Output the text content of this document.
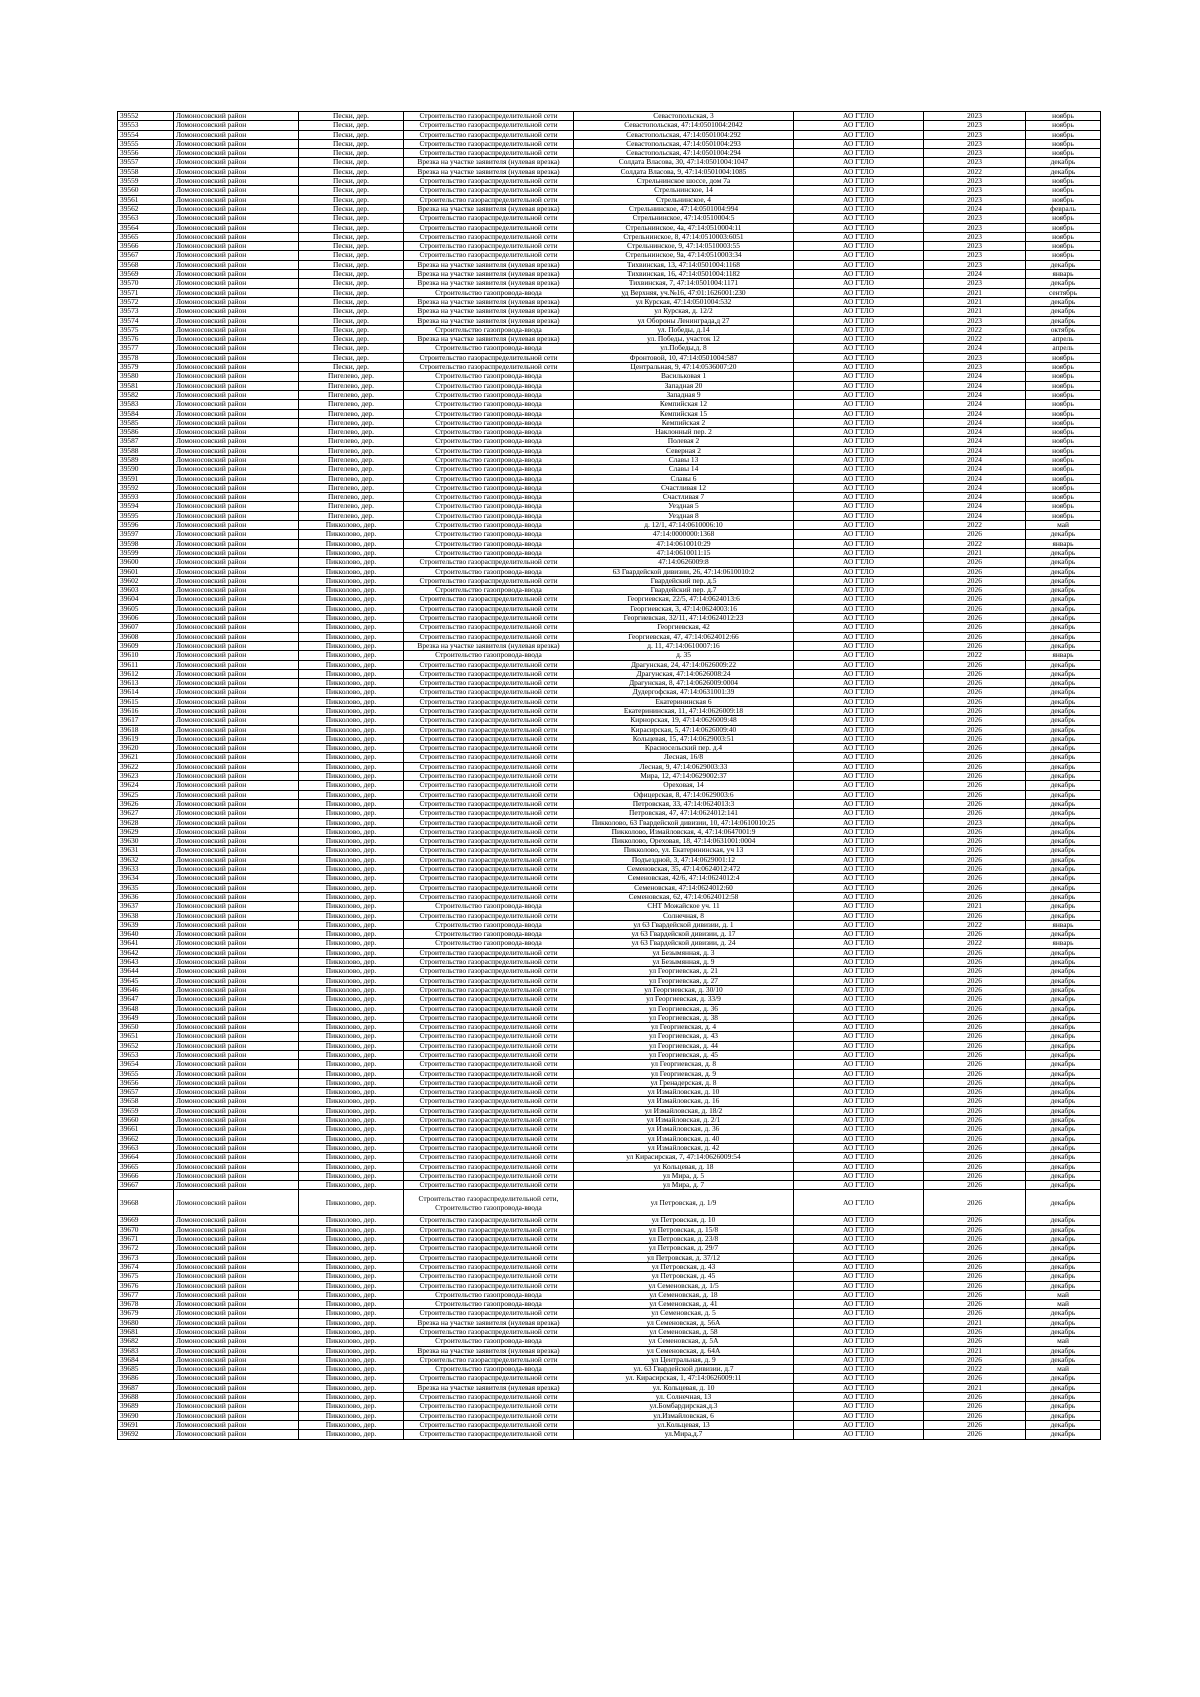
39552	Ломоносовский район	Пески, дер.	Строительство газораспределительной сети	Севастопольская, 3	АО ГТЛО	2023	ноябрь
39553	Ломоносовский район	Пески, дер.	Строительство газораспределительной сети	Севастопольская, 47:14:0501004:2042	АО ГТЛО	2023	ноябрь
39554	Ломоносовский район	Пески, дер.	Строительство газораспределительной сети	Севастопольская, 47:14:0501004:292	АО ГТЛО	2023	ноябрь
39555	Ломоносовский район	Пески, дер.	Строительство газораспределительной сети	Севастопольская, 47:14:0501004:293	АО ГТЛО	2023	ноябрь
39556	Ломоносовский район	Пески, дер.	Строительство газораспределительной сети	Севастопольская, 47:14:0501004:294	АО ГТЛО	2023	ноябрь
39557	Ломоносовский район	Пески, дер.	Врезка на участке заявителя (нулевая врезка)	Солдата Власова, 30, 47:14:0501004:1047	АО ГТЛО	2023	декабрь
39558	Ломоносовский район	Пески, дер.	Врезка на участке заявителя (нулевая врезка)	Солдата Власова, 9, 47:14:0501004:1085	АО ГТЛО	2022	декабрь
39559	Ломоносовский район	Пески, дер.	Строительство газораспределительной сети	Стрельнинское шоссе, дом 7а	АО ГТЛО	2023	ноябрь
39560	Ломоносовский район	Пески, дер.	Строительство газораспределительной сети	Стрельнинское, 14	АО ГТЛО	2023	ноябрь
39561	Ломоносовский район	Пески, дер.	Строительство газораспределительной сети	Стрельнинское, 4	АО ГТЛО	2023	ноябрь
39562	Ломоносовский район	Пески, дер.	Врезка на участке заявителя (нулевая врезка)	Стрельнинское, 47:14:0501004:994	АО ГТЛО	2024	февраль
39563	Ломоносовский район	Пески, дер.	Строительство газораспределительной сети	Стрельнинское, 47:14:0510004:5	АО ГТЛО	2023	ноябрь
39564	Ломоносовский район	Пески, дер.	Строительство газораспределительной сети	Стрельнинское, 4а, 47:14:0510004:11	АО ГТЛО	2023	ноябрь
39565	Ломоносовский район	Пески, дер.	Строительство газораспределительной сети	Стрельнинское, 8, 47:14:0510003:6051	АО ГТЛО	2023	ноябрь
39566	Ломоносовский район	Пески, дер.	Строительство газораспределительной сети	Стрельнинское, 9, 47:14:0510003:55	АО ГТЛО	2023	ноябрь
39567	Ломоносовский район	Пески, дер.	Строительство газораспределительной сети	Стрельнинское, 9а, 47:14:0510003:34	АО ГТЛО	2023	ноябрь
39568	Ломоносовский район	Пески, дер.	Врезка на участке заявителя (нулевая врезка)	Тихвинская, 13, 47:14:0501004:1168	АО ГТЛО	2023	декабрь
39569	Ломоносовский район	Пески, дер.	Врезка на участке заявителя (нулевая врезка)	Тихвинская, 16, 47:14:0501004:1182	АО ГТЛО	2024	январь
39570	Ломоносовский район	Пески, дер.	Врезка на участке заявителя (нулевая врезка)	Тихвинская, 7, 47:14:0501004:1171	АО ГТЛО	2023	декабрь
39571	Ломоносовский район	Пески, дер.	Строительство газопровода-ввода	уд Верхняя, уч.№16, 47:01:1626001:230	АО ГТЛО	2021	сентябрь
39572	Ломоносовский район	Пески, дер.	Врезка на участке заявителя (нулевая врезка)	ул Курская, 47:14:0501004:532	АО ГТЛО	2021	декабрь
39573	Ломоносовский район	Пески, дер.	Врезка на участке заявителя (нулевая врезка)	ул Курская, д. 12/2	АО ГТЛО	2021	декабрь
39574	Ломоносовский район	Пески, дер.	Врезка на участке заявителя (нулевая врезка)	ул Обороны Ленинграда,д 27	АО ГТЛО	2023	декабрь
39575	Ломоносовский район	Пески, дер.	Строительство газопровода-ввода	ул. Победы, д.14	АО ГТЛО	2022	октябрь
39576	Ломоносовский район	Пески, дер.	Врезка на участке заявителя (нулевая врезка)	ул. Победы, участок 12	АО ГТЛО	2022	апрель
39577	Ломоносовский район	Пески, дер.	Строительство газопровода-ввода	ул.Победы,д. 8	АО ГТЛО	2024	апрель
39578	Ломоносовский район	Пески, дер.	Строительство газораспределительной сети	Фронтовой, 10, 47:14:0501004:587	АО ГТЛО	2023	ноябрь
39579	Ломоносовский район	Пески, дер.	Строительство газораспределительной сети	Центральная, 9, 47:14:0536007:20	АО ГТЛО	2023	ноябрь
39580	Ломоносовский район	Пигелево, дер.	Строительство газопровода-ввода	Васильковая 1	АО ГТЛО	2024	ноябрь
39581	Ломоносовский район	Пигелево, дер.	Строительство газопровода-ввода	Западная 20	АО ГТЛО	2024	ноябрь
39582	Ломоносовский район	Пигелево, дер.	Строительство газопровода-ввода	Западная 9	АО ГТЛО	2024	ноябрь
39583	Ломоносовский район	Пигелево, дер.	Строительство газопровода-ввода	Кемпийская 12	АО ГТЛО	2024	ноябрь
39584	Ломоносовский район	Пигелево, дер.	Строительство газопровода-ввода	Кемпийская 15	АО ГТЛО	2024	ноябрь
39585	Ломоносовский район	Пигелево, дер.	Строительство газопровода-ввода	Кемпийская 2	АО ГТЛО	2024	ноябрь
39586	Ломоносовский район	Пигелево, дер.	Строительство газопровода-ввода	Наклонный пер. 2	АО ГТЛО	2024	ноябрь
39587	Ломоносовский район	Пигелево, дер.	Строительство газопровода-ввода	Полевая 2	АО ГТЛО	2024	ноябрь
39588	Ломоносовский район	Пигелево, дер.	Строительство газопровода-ввода	Северная 2	АО ГТЛО	2024	ноябрь
39589	Ломоносовский район	Пигелево, дер.	Строительство газопровода-ввода	Славы 13	АО ГТЛО	2024	ноябрь
39590	Ломоносовский район	Пигелево, дер.	Строительство газопровода-ввода	Славы 14	АО ГТЛО	2024	ноябрь
39591	Ломоносовский район	Пигелево, дер.	Строительство газопровода-ввода	Славы 6	АО ГТЛО	2024	ноябрь
39592	Ломоносовский район	Пигелево, дер.	Строительство газопровода-ввода	Счастливая 12	АО ГТЛО	2024	ноябрь
39593	Ломоносовский район	Пигелево, дер.	Строительство газопровода-ввода	Счастливая 7	АО ГТЛО	2024	ноябрь
39594	Ломоносовский район	Пигелево, дер.	Строительство газопровода-ввода	Уездная 5	АО ГТЛО	2024	ноябрь
39595	Ломоносовский район	Пигелево, дер.	Строительство газопровода-ввода	Уездная 8	АО ГТЛО	2024	ноябрь
39596	Ломоносовский район	Пикколово, дер.	Строительство газопровода-ввода	д. 12/1, 47:14:0610006:10	АО ГТЛО	2022	май
39597	Ломоносовский район	Пикколово, дер.	Строительство газопровода-ввода	47:14:0000000:1368	АО ГТЛО	2026	декабрь
39598	Ломоносовский район	Пикколово, дер.	Строительство газопровода-ввода	47:14:0610010:29	АО ГТЛО	2022	январь
39599	Ломоносовский район	Пикколово, дер.	Строительство газопровода-ввода	47:14:0610011:15	АО ГТЛО	2021	декабрь
39600	Ломоносовский район	Пикколово, дер.	Строительство газораспределительной сети	47:14:0626009:8	АО ГТЛО	2026	декабрь
39601	Ломоносовский район	Пикколово, дер.	Строительство газопровода-ввода	63 Гвардейской дивизии, 26, 47:14:0610010:2	АО ГТЛО	2026	декабрь
39602	Ломоносовский район	Пикколово, дер.	Строительство газораспределительной сети	Гвардейский пер. д.5	АО ГТЛО	2026	декабрь
39603	Ломоносовский район	Пикколово, дер.	Строительство газопровода-ввода	Гвардейский пер. д.7	АО ГТЛО	2026	декабрь
39604	Ломоносовский район	Пикколово, дер.	Строительство газораспределительной сети	Георгиевская, 22/5, 47:14:0624013:6	АО ГТЛО	2026	декабрь
39605	Ломоносовский район	Пикколово, дер.	Строительство газораспределительной сети	Георгиевская, 3, 47:14:0624003:16	АО ГТЛО	2026	декабрь
39606	Ломоносовский район	Пикколово, дер.	Строительство газораспределительной сети	Георгиевская, 32/11, 47:14:0624012:23	АО ГТЛО	2026	декабрь
39607	Ломоносовский район	Пикколово, дер.	Строительство газораспределительной сети	Георгиевская, 42	АО ГТЛО	2026	декабрь
39608	Ломоносовский район	Пикколово, дер.	Строительство газораспределительной сети	Георгиевская, 47, 47:14:0624012:66	АО ГТЛО	2026	декабрь
39609	Ломоносовский район	Пикколово, дер.	Врезка на участке заявителя (нулевая врезка)	д. 11, 47:14:0610007:16	АО ГТЛО	2026	декабрь
39610	Ломоносовский район	Пикколово, дер.	Строительство газопровода-ввода	д. 35	АО ГТЛО	2022	январь
39611	Ломоносовский район	Пикколово, дер.	Строительство газораспределительной сети	Драгунская, 24, 47:14:0626009:22	АО ГТЛО	2026	декабрь
39612	Ломоносовский район	Пикколово, дер.	Строительство газораспределительной сети	Драгунская, 47:14:0626008:24	АО ГТЛО	2026	декабрь
39613	Ломоносовский район	Пикколово, дер.	Строительство газораспределительной сети	Драгунская, 8, 47:14:0626009:0004	АО ГТЛО	2026	декабрь
39614	Ломоносовский район	Пикколово, дер.	Строительство газораспределительной сети	Дудергофская, 47:14:0631001:39	АО ГТЛО	2026	декабрь
39615	Ломоносовский район	Пикколово, дер.	Строительство газораспределительной сети	Екатерининская 6	АО ГТЛО	2026	декабрь
39616	Ломоносовский район	Пикколово, дер.	Строительство газораспределительной сети	Екатерининская, 11, 47:14:0626009:18	АО ГТЛО	2026	декабрь
39617	Ломоносовский район	Пикколово, дер.	Строительство газораспределительной сети	Кирнорская, 19, 47:14:0626009:48	АО ГТЛО	2026	декабрь
39618	Ломоносовский район	Пикколово, дер.	Строительство газораспределительной сети	Кирасирская, 5, 47:14:0626009:40	АО ГТЛО	2026	декабрь
39619	Ломоносовский район	Пикколово, дер.	Строительство газораспределительной сети	Кольцевая, 15, 47:14:0629003:51	АО ГТЛО	2026	декабрь
39620	Ломоносовский район	Пикколово, дер.	Строительство газораспределительной сети	Красносельский пер. д.4	АО ГТЛО	2026	декабрь
39621	Ломоносовский район	Пикколово, дер.	Строительство газораспределительной сети	Лесная, 16/8	АО ГТЛО	2026	декабрь
39622	Ломоносовский район	Пикколово, дер.	Строительство газораспределительной сети	Лесная, 9, 47:14:0629003:33	АО ГТЛО	2026	декабрь
39623	Ломоносовский район	Пикколово, дер.	Строительство газораспределительной сети	Мира, 12, 47:14:0629002:37	АО ГТЛО	2026	декабрь
39624	Ломоносовский район	Пикколово, дер.	Строительство газораспределительной сети	Ореховая, 14	АО ГТЛО	2026	декабрь
39625	Ломоносовский район	Пикколово, дер.	Строительство газораспределительной сети	Офицерская, 8, 47:14:0629003:6	АО ГТЛО	2026	декабрь
39626	Ломоносовский район	Пикколово, дер.	Строительство газораспределительной сети	Петровская, 33, 47:14:0624013:3	АО ГТЛО	2026	декабрь
39627	Ломоносовский район	Пикколово, дер.	Строительство газораспределительной сети	Петровская, 47, 47:14:0624012:141	АО ГТЛО	2026	декабрь
39628	Ломоносовский район	Пикколово, дер.	Строительство газораспределительной сети	Пикколово, 63 Гвардейской дивизии, 10, 47:14:0610010:25	АО ГТЛО	2023	декабрь
39629	Ломоносовский район	Пикколово, дер.	Строительство газораспределительной сети	Пикколово, Измайловская, 4, 47:14:0647001:9	АО ГТЛО	2026	декабрь
39630	Ломоносовский район	Пикколово, дер.	Строительство газораспределительной сети	Пикколово, Ореховая, 18, 47:14:0631001:0004	АО ГТЛО	2026	декабрь
39631	Ломоносовский район	Пикколово, дер.	Строительство газораспределительной сети	Пикколово, ул. Екатерининская, уч 13	АО ГТЛО	2026	декабрь
39632	Ломоносовский район	Пикколово, дер.	Строительство газораспределительной сети	Подъездной, 3, 47:14:0629001:12	АО ГТЛО	2026	декабрь
39633	Ломоносовский район	Пикколово, дер.	Строительство газораспределительной сети	Семеновская, 35, 47:14:0624012:472	АО ГТЛО	2026	декабрь
39634	Ломоносовский район	Пикколово, дер.	Строительство газораспределительной сети	Семеновская, 42/6, 47:14:0624012:4	АО ГТЛО	2026	декабрь
39635	Ломоносовский район	Пикколово, дер.	Строительство газораспределительной сети	Семеновская, 47:14:0624012:60	АО ГТЛО	2026	декабрь
39636	Ломоносовский район	Пикколово, дер.	Строительство газораспределительной сети	Семеновская, 62, 47:14:0624012:58	АО ГТЛО	2026	декабрь
39637	Ломоносовский район	Пикколово, дер.	Строительство газопровода-ввода	СНТ Можайское уч. 11	АО ГТЛО	2021	декабрь
39638	Ломоносовский район	Пикколово, дер.	Строительство газораспределительной сети	Солнечная, 8	АО ГТЛО	2026	декабрь
39639	Ломоносовский район	Пикколово, дер.	Строительство газопровода-ввода	ул 63 Гвардейской дивизии, д. 1	АО ГТЛО	2022	январь
39640	Ломоносовский район	Пикколово, дер.	Строительство газопровода-ввода	ул 63 Гвардейской дивизии, д. 17	АО ГТЛО	2026	декабрь
39641	Ломоносовский район	Пикколово, дер.	Строительство газопровода-ввода	ул 63 Гвардейской дивизии, д. 24	АО ГТЛО	2022	январь
39642	Ломоносовский район	Пикколово, дер.	Строительство газораспределительной сети	ул Безымянная, д. 3	АО ГТЛО	2026	декабрь
39643	Ломоносовский район	Пикколово, дер.	Строительство газораспределительной сети	ул Безымянная, д. 9	АО ГТЛО	2026	декабрь
39644	Ломоносовский район	Пикколово, дер.	Строительство газораспределительной сети	ул Георгиевская, д. 21	АО ГТЛО	2026	декабрь
39645	Ломоносовский район	Пикколово, дер.	Строительство газораспределительной сети	ул Георгиевская, д. 27	АО ГТЛО	2026	декабрь
39646	Ломоносовский район	Пикколово, дер.	Строительство газораспределительной сети	ул Георгиевская, д. 30/10	АО ГТЛО	2026	декабрь
39647	Ломоносовский район	Пикколово, дер.	Строительство газораспределительной сети	ул Георгиевская, д. 33/9	АО ГТЛО	2026	декабрь
39648	Ломоносовский район	Пикколово, дер.	Строительство газораспределительной сети	ул Георгиевская, д. 36	АО ГТЛО	2026	декабрь
39649	Ломоносовский район	Пикколово, дер.	Строительство газораспределительной сети	ул Георгиевская, д. 38	АО ГТЛО	2026	декабрь
39650	Ломоносовский район	Пикколово, дер.	Строительство газораспределительной сети	ул Георгиевская, д. 4	АО ГТЛО	2026	декабрь
39651	Ломоносовский район	Пикколово, дер.	Строительство газораспределительной сети	ул Георгиевская, д. 43	АО ГТЛО	2026	декабрь
39652	Ломоносовский район	Пикколово, дер.	Строительство газораспределительной сети	ул Георгиевская, д. 44	АО ГТЛО	2026	декабрь
39653	Ломоносовский район	Пикколово, дер.	Строительство газораспределительной сети	ул Георгиевская, д. 45	АО ГТЛО	2026	декабрь
39654	Ломоносовский район	Пикколово, дер.	Строительство газораспределительной сети	ул Георгиевская, д. 8	АО ГТЛО	2026	декабрь
39655	Ломоносовский район	Пикколово, дер.	Строительство газораспределительной сети	ул Георгиевская, д. 9	АО ГТЛО	2026	декабрь
39656	Ломоносовский район	Пикколово, дер.	Строительство газораспределительной сети	ул Гренадерская, д. 8	АО ГТЛО	2026	декабрь
39657	Ломоносовский район	Пикколово, дер.	Строительство газораспределительной сети	ул Измайловская, д. 10	АО ГТЛО	2026	декабрь
39658	Ломоносовский район	Пикколово, дер.	Строительство газораспределительной сети	ул Измайловская, д. 16	АО ГТЛО	2026	декабрь
39659	Ломоносовский район	Пикколово, дер.	Строительство газораспределительной сети	ул Измайловская, д. 18/2	АО ГТЛО	2026	декабрь
39660	Ломоносовский район	Пикколово, дер.	Строительство газораспределительной сети	ул Измайловская, д. 2/1	АО ГТЛО	2026	декабрь
39661	Ломоносовский район	Пикколово, дер.	Строительство газораспределительной сети	ул Измайловская, д. 36	АО ГТЛО	2026	декабрь
39662	Ломоносовский район	Пикколово, дер.	Строительство газораспределительной сети	ул Измайловская, д. 40	АО ГТЛО	2026	декабрь
39663	Ломоносовский район	Пикколово, дер.	Строительство газораспределительной сети	ул Измайловская, д. 42	АО ГТЛО	2026	декабрь
39664	Ломоносовский район	Пикколово, дер.	Строительство газораспределительной сети	ул Кирасирская, 7, 47:14:0626009:54	АО ГТЛО	2026	декабрь
39665	Ломоносовский район	Пикколово, дер.	Строительство газораспределительной сети	ул Кольцевая, д. 18	АО ГТЛО	2026	декабрь
39666	Ломоносовский район	Пикколово, дер.	Строительство газораспределительной сети	ул Мира, д. 5	АО ГТЛО	2026	декабрь
39667	Ломоносовский район	Пикколово, дер.	Строительство газораспределительной сети	ул Мира, д. 7	АО ГТЛО	2026	декабрь
39668	Ломоносовский район	Пикколово, дер.	Строительство газораспределительной сети, Строительство газопровода-ввода	ул Петровская, д. 1/9	АО ГТЛО	2026	декабрь
39669	Ломоносовский район	Пикколово, дер.	Строительство газораспределительной сети	ул Петровская, д. 10	АО ГТЛО	2026	декабрь
39670	Ломоносовский район	Пикколово, дер.	Строительство газораспределительной сети	ул Петровская, д. 15/8	АО ГТЛО	2026	декабрь
39671	Ломоносовский район	Пикколово, дер.	Строительство газораспределительной сети	ул Петровская, д. 23/8	АО ГТЛО	2026	декабрь
39672	Ломоносовский район	Пикколово, дер.	Строительство газораспределительной сети	ул Петровская, д. 29/7	АО ГТЛО	2026	декабрь
39673	Ломоносовский район	Пикколово, дер.	Строительство газораспределительной сети	ул Петровская, д. 37/12	АО ГТЛО	2026	декабрь
39674	Ломоносовский район	Пикколово, дер.	Строительство газораспределительной сети	ул Петровская, д. 43	АО ГТЛО	2026	декабрь
39675	Ломоносовский район	Пикколово, дер.	Строительство газораспределительной сети	ул Петровская, д. 45	АО ГТЛО	2026	декабрь
39676	Ломоносовский район	Пикколово, дер.	Строительство газораспределительной сети	ул Семеновская, д. 1/5	АО ГТЛО	2026	декабрь
39677	Ломоносовский район	Пикколово, дер.	Строительство газопровода-ввода	ул Семеновская, д. 18	АО ГТЛО	2026	май
39678	Ломоносовский район	Пикколово, дер.	Строительство газопровода-ввода	ул Семеновская, д. 41	АО ГТЛО	2026	май
39679	Ломоносовский район	Пикколово, дер.	Строительство газораспределительной сети	ул Семеновская, д. 5	АО ГТЛО	2026	декабрь
39680	Ломоносовский район	Пикколово, дер.	Врезка на участке заявителя (нулевая врезка)	ул Семеновская, д. 56А	АО ГТЛО	2021	декабрь
39681	Ломоносовский район	Пикколово, дер.	Строительство газораспределительной сети	ул Семеновская, д. 58	АО ГТЛО	2026	декабрь
39682	Ломоносовский район	Пикколово, дер.	Строительство газопровода-ввода	ул Семеновская, д. 5А	АО ГТЛО	2026	май
39683	Ломоносовский район	Пикколово, дер.	Врезка на участке заявителя (нулевая врезка)	ул Семеновская, д. 64А	АО ГТЛО	2021	декабрь
39684	Ломоносовский район	Пикколово, дер.	Строительство газораспределительной сети	ул Центральная, д. 9	АО ГТЛО	2026	декабрь
39685	Ломоносовский район	Пикколово, дер.	Строительство газопровода-ввода	ул. 63 Гвардейской дивизии, д.7	АО ГТЛО	2022	май
39686	Ломоносовский район	Пикколово, дер.	Строительство газораспределительной сети	ул. Кирасирская, 1, 47:14:0626009:11	АО ГТЛО	2026	декабрь
39687	Ломоносовский район	Пикколово, дер.	Врезка на участке заявителя (нулевая врезка)	ул. Кольцевая, д. 10	АО ГТЛО	2021	декабрь
39688	Ломоносовский район	Пикколово, дер.	Строительство газораспределительной сети	ул. Солнечная, 13	АО ГТЛО	2026	декабрь
39689	Ломоносовский район	Пикколово, дер.	Строительство газораспределительной сети	ул.Бомбардирская,д.3	АО ГТЛО	2026	декабрь
39690	Ломоносовский район	Пикколово, дер.	Строительство газораспределительной сети	ул.Измайловская, 6	АО ГТЛО	2026	декабрь
39691	Ломоносовский район	Пикколово, дер.	Строительство газораспределительной сети	ул.Кольцевая, 13	АО ГТЛО	2026	декабрь
39692	Ломоносовский район	Пикколово, дер.	Строительство газораспределительной сети	ул.Мира,д.7	АО ГТЛО	2026	декабрь
